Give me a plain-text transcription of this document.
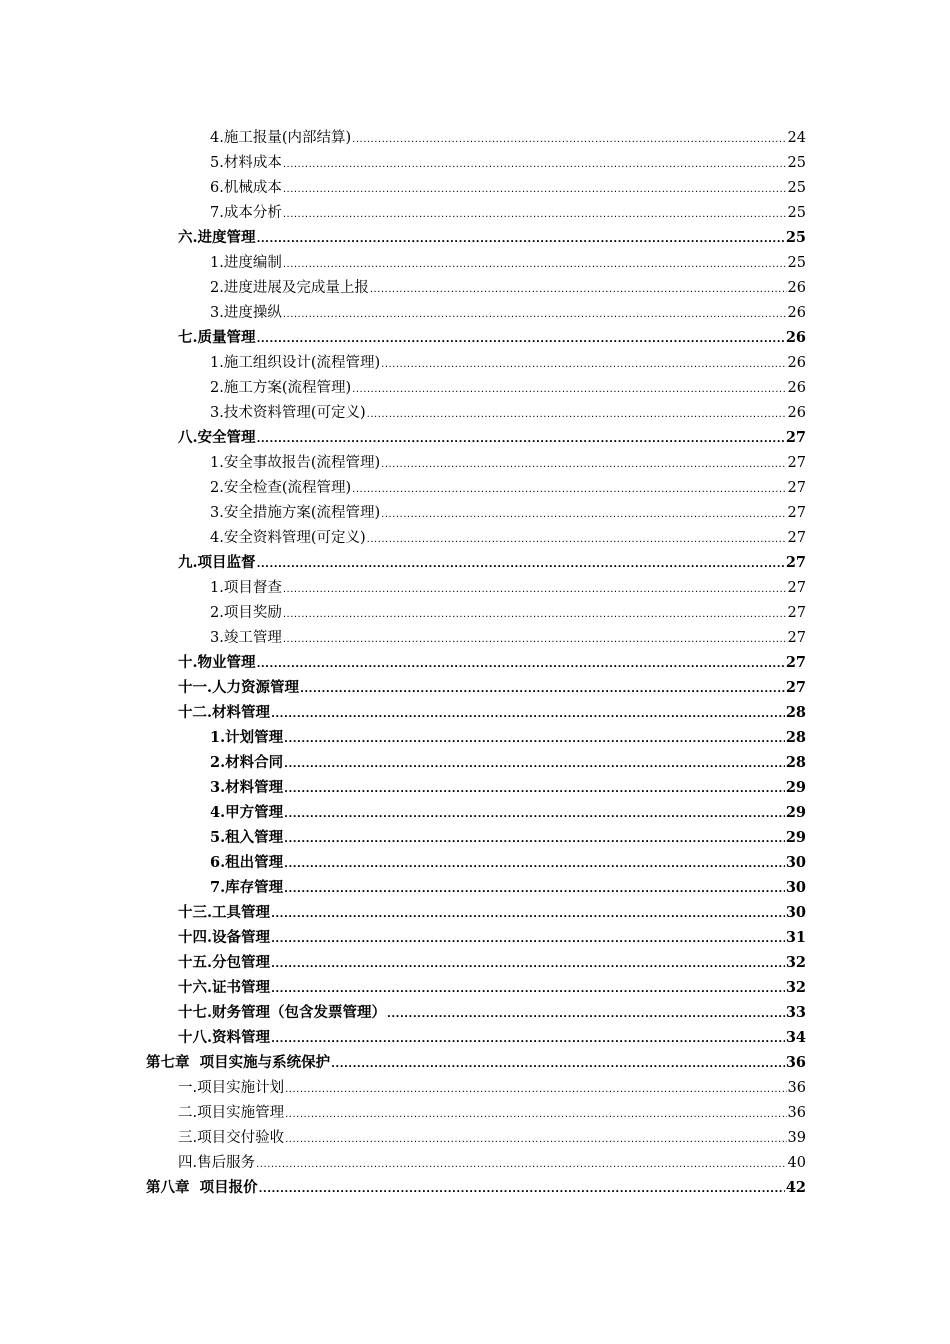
4.施工报量(内部结算) .....	24
5.材料成本 .....	25
6.机械成本 .....	25
7.成本分析 .....	25
六.进度管理 .....	25
1.进度编制 .....	25
2.进度进展及完成量上报 .....	26
3.进度操纵 .....	26
七.质量管理 .....	26
1.施工组织设计(流程管理) .....	26
2.施工方案(流程管理) .....	26
3.技术资料管理(可定义) .....	26
八.安全管理 .....	27
1.安全事故报告(流程管理) .....	27
2.安全检查(流程管理) .....	27
3.安全措施方案(流程管理) .....	27
4.安全资料管理(可定义) .....	27
九.项目监督 .....	27
1.项目督查 .....	27
2.项目奖励 .....	27
3.竣工管理 .....	27
十.物业管理 .....	27
十一.人力资源管理 .....	27
十二.材料管理 .....	28
1.计划管理 .....	28
2.材料合同 .....	28
3.材料管理 .....	29
4.甲方管理 .....	29
5.租入管理 .....	29
6.租出管理 .....	30
7.库存管理 .....	30
十三.工具管理 .....	30
十四.设备管理 .....	31
十五.分包管理 .....	32
十六.证书管理 .....	32
十七.财务管理（包含发票管理） .....	33
十八.资料管理 .....	34
第七章  项目实施与系统保护 .....	36
一.项目实施计划 .....	36
二.项目实施管理 .....	36
三.项目交付验收 .....	39
四.售后服务 .....	40
第八章  项目报价 .....	42
